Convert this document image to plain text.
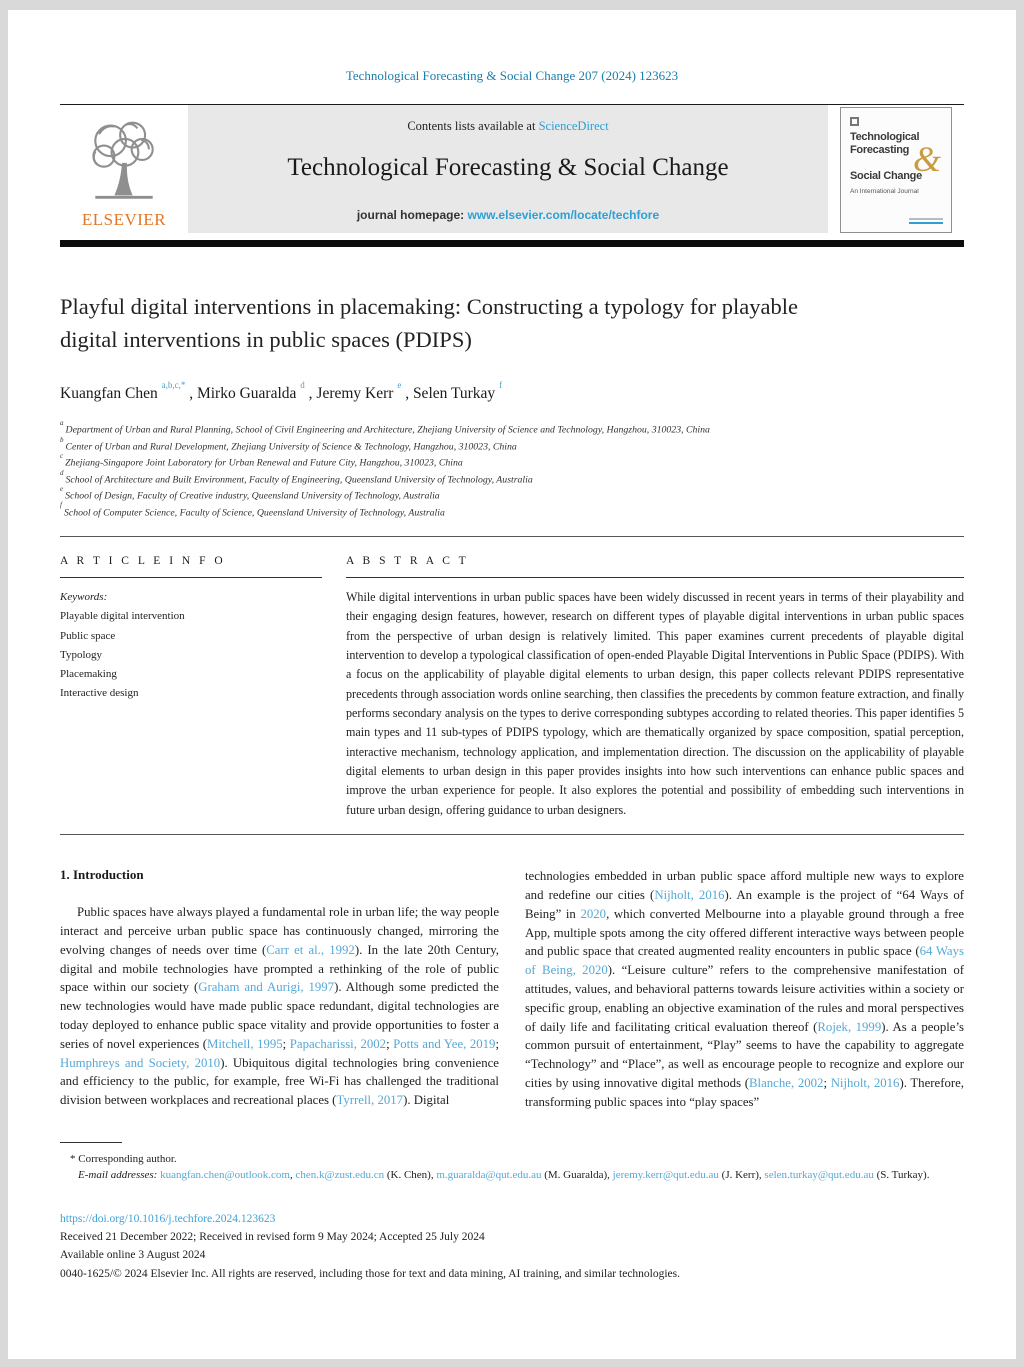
Technological Forecasting & Social Change 207 (2024) 123623
ELSEVIER
Contents lists available at ScienceDirect
Technological Forecasting & Social Change
journal homepage: www.elsevier.com/locate/techfore
Technological
Forecasting &
Social Change
An International Journal
Playful digital interventions in placemaking: Constructing a typology for playable digital interventions in public spaces (PDIPS)
Kuangfan Chen $^{a,b,c,*}$ , Mirko Guaralda $^d$ , Jeremy Kerr $^e$ , Selen Turkay $^f$
$^a$Department of Urban and Rural Planning, School of Civil Engineering and Architecture, Zhejiang University of Science and Technology, Hangzhou, 310023, China
$^b$Center of Urban and Rural Development, Zhejiang University of Science & Technology, Hangzhou, 310023, China
$^c$Zhejiang-Singapore Joint Laboratory for Urban Renewal and Future City, Hangzhou, 310023, China
$^d$School of Architecture and Built Environment, Faculty of Engineering, Queensland University of Technology, Australia
$^e$School of Design, Faculty of Creative industry, Queensland University of Technology, Australia
$^f$School of Computer Science, Faculty of Science, Queensland University of Technology, Australia
A R T I C L E I N F O
Keywords:
Playable digital intervention
Public space
Typology
Placemaking
Interactive design
A B S T R A C T
While digital interventions in urban public spaces have been widely discussed in recent years in terms of their playability and their engaging design features, however, research on different types of playable digital interventions in urban public spaces from the perspective of urban design is relatively limited. This paper examines current precedents of playable digital intervention to develop a typological classification of open-ended Playable Digital Interventions in Public Space (PDIPS). With a focus on the applicability of playable digital elements to urban design, this paper collects relevant PDIPS representative precedents through association words online searching, then classifies the precedents by common feature extraction, and finally performs secondary analysis on the types to derive corresponding subtypes according to related theories. This paper identifies 5 main types and 11 sub-types of PDIPS typology, which are thematically organized by space composition, spatial perception, interactive mechanism, technology application, and implementation direction. The discussion on the applicability of playable digital elements to urban design in this paper provides insights into how such interventions can enhance public spaces and improve the urban experience for people. It also explores the potential and possibility of embedding such interventions in future urban design, offering guidance to urban designers.
1. Introduction
Public spaces have always played a fundamental role in urban life; the way people interact and perceive urban public space has continuously changed, mirroring the evolving changes of needs over time (Carr et al., 1992). In the late 20th Century, digital and mobile technologies have prompted a rethinking of the role of public space within our society (Graham and Aurigi, 1997). Although some predicted the new technologies would have made public space redundant, digital technologies are today deployed to enhance public space vitality and provide opportunities to foster a series of novel experiences (Mitchell, 1995; Papacharissi, 2002; Potts and Yee, 2019; Humphreys and Society, 2010). Ubiquitous digital technologies bring convenience and efficiency to the public, for example, free Wi-Fi has challenged the traditional division between workplaces and recreational places (Tyrrell, 2017). Digital
technologies embedded in urban public space afford multiple new ways to explore and redefine our cities (Nijholt, 2016). An example is the project of “64 Ways of Being” in 2020, which converted Melbourne into a playable ground through a free App, multiple spots among the city offered different interactive ways between people and public space that created augmented reality encounters in public space (64 Ways of Being, 2020). “Leisure culture” refers to the comprehensive manifestation of attitudes, values, and behavioral patterns towards leisure activities within a society or specific group, enabling an objective examination of the rules and moral perspectives of daily life and facilitating critical evaluation thereof (Rojek, 1999). As a people’s common pursuit of entertainment, “Play” seems to have the capability to aggregate “Technology” and “Place”, as well as encourage people to recognize and explore our cities by using innovative digital methods (Blanche, 2002; Nijholt, 2016). Therefore, transforming public spaces into “play spaces”
* Corresponding author.
E-mail addresses: kuangfan.chen@outlook.com, chen.k@zust.edu.cn (K. Chen), m.guaralda@qut.edu.au (M. Guaralda), jeremy.kerr@qut.edu.au (J. Kerr), selen.turkay@qut.edu.au (S. Turkay).
https://doi.org/10.1016/j.techfore.2024.123623
Received 21 December 2022; Received in revised form 9 May 2024; Accepted 25 July 2024
Available online 3 August 2024
0040-1625/© 2024 Elsevier Inc. All rights are reserved, including those for text and data mining, AI training, and similar technologies.
